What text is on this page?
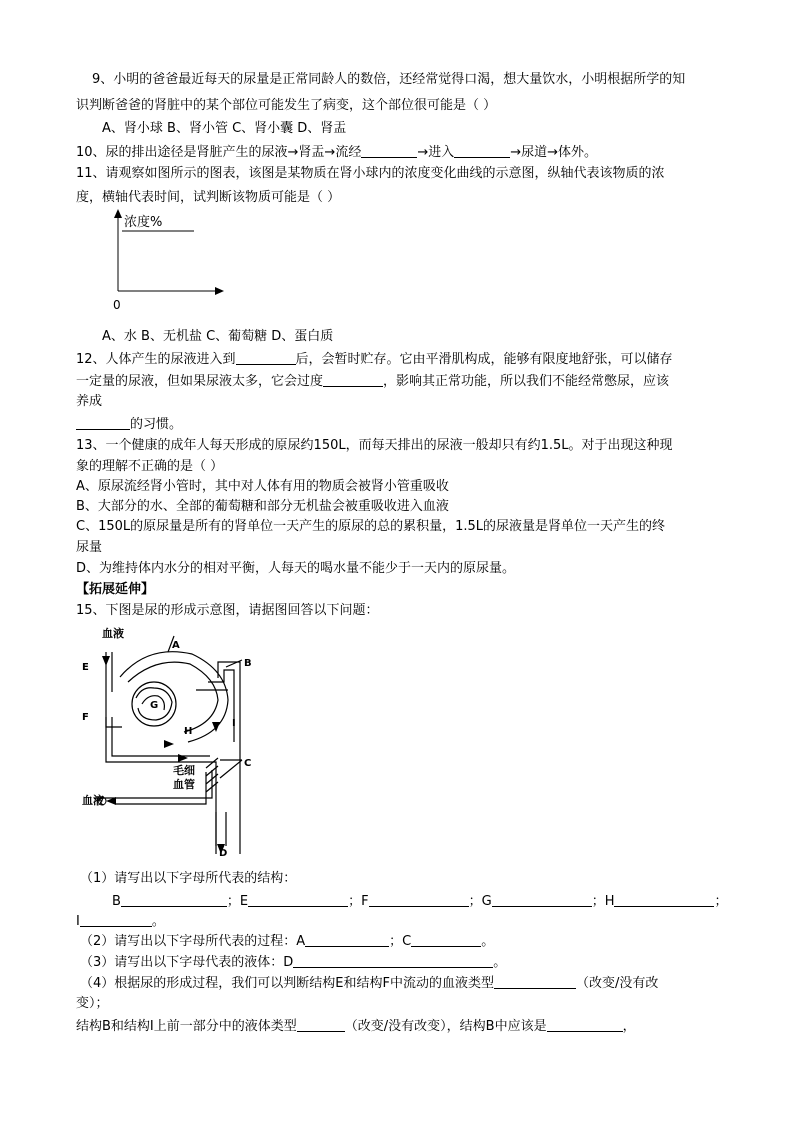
9、小明的爸爸最近每天的尿量是正常同龄人的数倍，还经常觉得口渴，想大量饮水，小明根据所学的知
识判断爸爸的肾脏中的某个部位可能发生了病变，这个部位很可能是（ ）
A、肾小球 B、肾小管 C、肾小囊 D、肾盂
10、尿的排出途径是肾脏产生的尿液→肾盂→流经	→进入	→尿道→体外。
11、请观察如图所示的图表，该图是某物质在肾小球内的浓度变化曲线的示意图，纵轴代表该物质的浓
度，横轴代表时间，试判断该物质可能是（ ）
浓度%
0
A、水 B、无机盐 C、葡萄糖 D、蛋白质
12、人体产生的尿液进入到	后，会暂时贮存。它由平滑肌构成，能够有限度地舒张，可以储存
一定量的尿液，但如果尿液太多，它会过度	，影响其正常功能，所以我们不能经常憋尿，应该
养成
的习惯。
13、一个健康的成年人每天形成的原尿约150L，而每天排出的尿液一般却只有约1.5L。对于出现这种现
象的理解不正确的是（ ）
A、原尿流经肾小管时，其中对人体有用的物质会被肾小管重吸收
B、大部分的水、全部的葡萄糖和部分无机盐会被重吸收进入血液
C、150L的原尿量是所有的肾单位一天产生的原尿的总的累积量，1.5L的尿液量是肾单位一天产生的终
尿量
D、为维持体内水分的相对平衡，人每天的喝水量不能少于一天内的原尿量。
【拓展延伸】
15、下图是尿的形成示意图，请据图回答以下问题：
血液
血液
毛细
血管
A
B
C
D
E
F
G
H
I
（1）请写出以下字母所代表的结构：
B	；E	；F	；G	；H	；
I	。
（2）请写出以下字母所代表的过程：A	；C	。
（3）请写出以下字母代表的液体：D	。
（4）根据尿的形成过程，我们可以判断结构E和结构F中流动的血液类型	（改变/没有改
变）；
结构B和结构I上前一部分中的液体类型	（改变/没有改变），结构B中应该是	，
